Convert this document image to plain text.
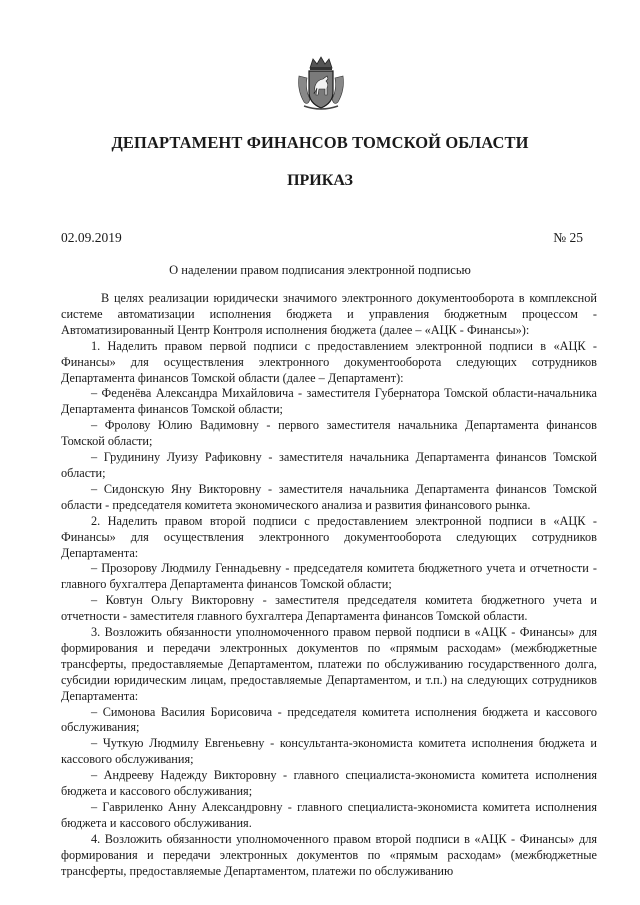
ДЕПАРТАМЕНТ ФИНАНСОВ ТОМСКОЙ ОБЛАСТИ
ПРИКАЗ
02.09.2019	№ 25
О наделении правом подписания электронной подписью

В целях реализации юридически значимого электронного документооборота в комплексной системе автоматизации исполнения бюджета и управления бюджетным процессом - Автоматизированный Центр Контроля исполнения бюджета (далее – «АЦК - Финансы»):

1. Наделить правом первой подписи с предоставлением электронной подписи в «АЦК - Финансы» для осуществления электронного документооборота следующих сотрудников Департамента финансов Томской области (далее – Департамент):

– Феденёва Александра Михайловича - заместителя Губернатора Томской области-начальника Департамента финансов Томской области;

– Фролову Юлию Вадимовну - первого заместителя начальника Департамента финансов Томской области;

– Грудинину Луизу Рафиковну - заместителя начальника Департамента финансов Томской области;

– Сидонскую Яну Викторовну - заместителя начальника Департамента финансов Томской области - председателя комитета экономического анализа и развития финансового рынка.

2. Наделить правом второй подписи с предоставлением электронной подписи в «АЦК - Финансы» для осуществления электронного документооборота следующих сотрудников Департамента:

– Прозорову Людмилу Геннадьевну - председателя комитета бюджетного учета и отчетности - главного бухгалтера Департамента финансов Томской области;

– Ковтун Ольгу Викторовну - заместителя председателя комитета бюджетного учета и отчетности - заместителя главного бухгалтера Департамента финансов Томской области.

3. Возложить обязанности уполномоченного правом первой подписи в «АЦК - Финансы» для формирования и передачи электронных документов по «прямым расходам» (межбюджетные трансферты, предоставляемые Департаментом, платежи по обслуживанию государственного долга, субсидии юридическим лицам, предоставляемые Департаментом, и т.п.) на следующих сотрудников Департамента:

– Симонова Василия Борисовича - председателя комитета исполнения бюджета и кассового обслуживания;

– Чуткую Людмилу Евгеньевну - консультанта-экономиста комитета исполнения бюджета и кассового обслуживания;

– Андрееву Надежду Викторовну - главного специалиста-экономиста комитета исполнения бюджета и кассового обслуживания;

– Гавриленко Анну Александровну - главного специалиста-экономиста комитета исполнения бюджета и кассового обслуживания.

4. Возложить обязанности уполномоченного правом второй подписи в «АЦК - Финансы» для формирования и передачи электронных документов по «прямым расходам» (межбюджетные трансферты, предоставляемые Департаментом, платежи по обслуживанию
